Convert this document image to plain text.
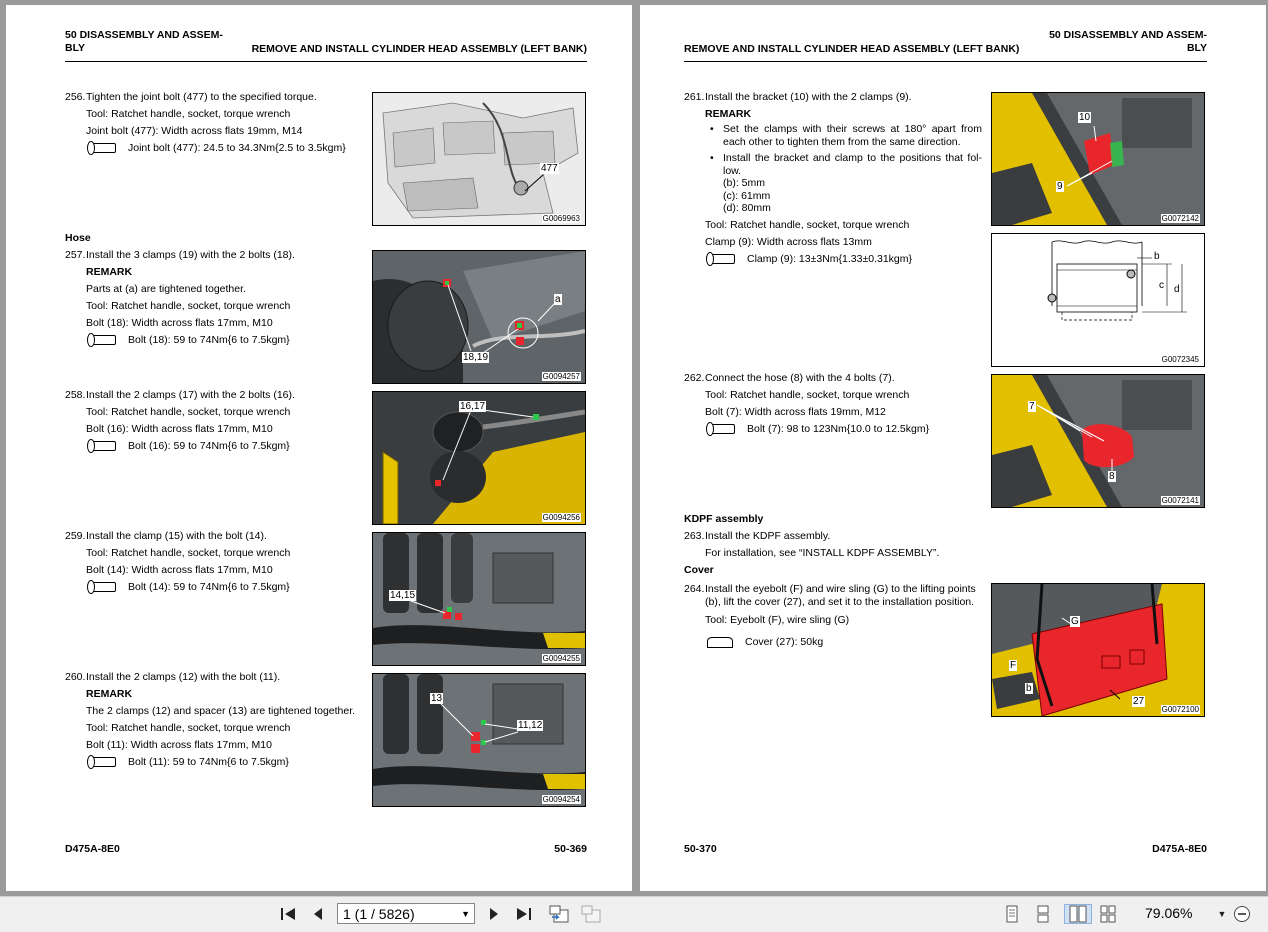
50 DISASSEMBLY AND ASSEM-
BLY	REMOVE AND INSTALL CYLINDER HEAD ASSEMBLY (LEFT BANK)
256. Tighten the joint bolt (477) to the specified torque.
Tool: Ratchet handle, socket, torque wrench
Joint bolt (477): Width across flats 19mm, M14
Joint bolt (477): 24.5 to 34.3Nm{2.5 to 3.5kgm}
477
G0069963
Hose
257. Install the 3 clamps (19) with the 2 bolts (18).
REMARK
Parts at (a) are tightened together.
Tool: Ratchet handle, socket, torque wrench
Bolt (18): Width across flats 17mm, M10
Bolt (18): 59 to 74Nm{6 to 7.5kgm}
a
18,19
G0094257
258. Install the 2 clamps (17) with the 2 bolts (16).
Tool: Ratchet handle, socket, torque wrench
Bolt (16): Width across flats 17mm, M10
Bolt (16): 59 to 74Nm{6 to 7.5kgm}
16,17
G0094256
259. Install the clamp (15) with the bolt (14).
Tool: Ratchet handle, socket, torque wrench
Bolt (14): Width across flats 17mm, M10
Bolt (14): 59 to 74Nm{6 to 7.5kgm}
14,15
G0094255
260. Install the 2 clamps (12) with the bolt (11).
REMARK
The 2 clamps (12) and spacer (13) are tightened together.
Tool: Ratchet handle, socket, torque wrench
Bolt (11): Width across flats 17mm, M10
Bolt (11): 59 to 74Nm{6 to 7.5kgm}
13
11,12
G0094254
D475A-8E0	50-369
50 DISASSEMBLY AND ASSEM-
BLY
REMOVE AND INSTALL CYLINDER HEAD ASSEMBLY (LEFT BANK)
261. Install the bracket (10) with the 2 clamps (9).
REMARK
• Set the clamps with their screws at 180° apart from each other to tighten them from the same direction.
• Install the bracket and clamp to the positions that fol-low.
(b): 5mm
(c): 61mm
(d): 80mm
Tool: Ratchet handle, socket, torque wrench
Clamp (9): Width across flats 13mm
Clamp (9): 13±3Nm{1.33±0.31kgm}
10
9
G0072142
b
c d
G0072345
262. Connect the hose (8) with the 4 bolts (7).
Tool: Ratchet handle, socket, torque wrench
Bolt (7): Width across flats 19mm, M12
Bolt (7): 98 to 123Nm{10.0 to 12.5kgm}
7
8
G0072141
KDPF assembly
263. Install the KDPF assembly.
For installation, see “INSTALL KDPF ASSEMBLY”.
Cover
264. Install the eyebolt (F) and wire sling (G) to the lifting points (b), lift the cover (27), and set it to the installation position.
Tool: Eyebolt (F), wire sling (G)
Cover (27): 50kg
G
F
b
27
G0072100
50-370	D475A-8E0
1 (1 / 5826)	▼	79.06%	▼
